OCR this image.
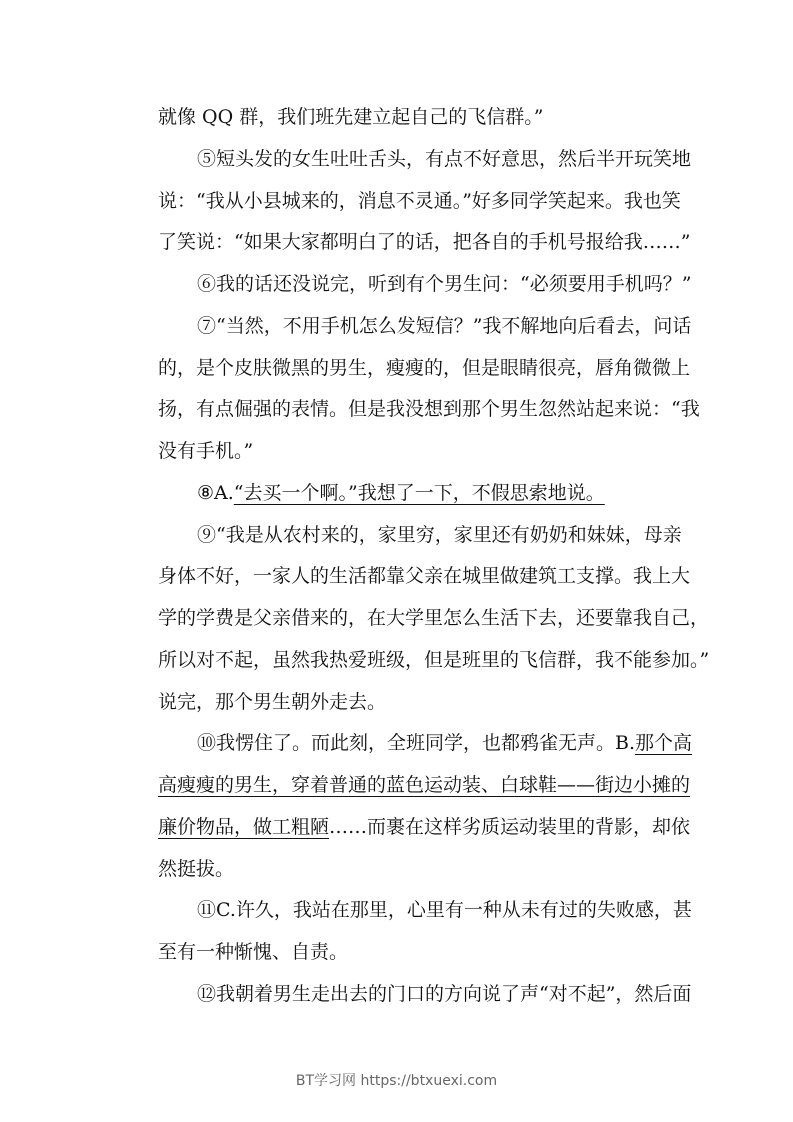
就像 QQ 群，我们班先建立起自己的飞信群。”
⑤短头发的女生吐吐舌头，有点不好意思，然后半开玩笑地
说：“我从小县城来的，消息不灵通。”好多同学笑起来。我也笑
了笑说：“如果大家都明白了的话，把各自的手机号报给我……”
⑥我的话还没说完，听到有个男生问：“必须要用手机吗？”
⑦“当然，不用手机怎么发短信？”我不解地向后看去，问话
的，是个皮肤微黑的男生，瘦瘦的，但是眼睛很亮，唇角微微上
扬，有点倔强的表情。但是我没想到那个男生忽然站起来说：“我
没有手机。”
⑧A.“去买一个啊。”我想了一下，不假思索地说。
⑨“我是从农村来的，家里穷，家里还有奶奶和妹妹，母亲
身体不好，一家人的生活都靠父亲在城里做建筑工支撑。我上大
学的学费是父亲借来的，在大学里怎么生活下去，还要靠我自己，
所以对不起，虽然我热爱班级，但是班里的飞信群，我不能参加。”
说完，那个男生朝外走去。
⑩我愣住了。而此刻，全班同学，也都鸦雀无声。B.那个高
高瘦瘦的男生，穿着普通的蓝色运动装、白球鞋——街边小摊的
廉价物品，做工粗陋……而裹在这样劣质运动装里的背影，却依
然挺拔。
⑪C.许久，我站在那里，心里有一种从未有过的失败感，甚
至有一种惭愧、自责。
⑫我朝着男生走出去的门口的方向说了声“对不起”，然后面
BT学习网 https://btxuexi.com
